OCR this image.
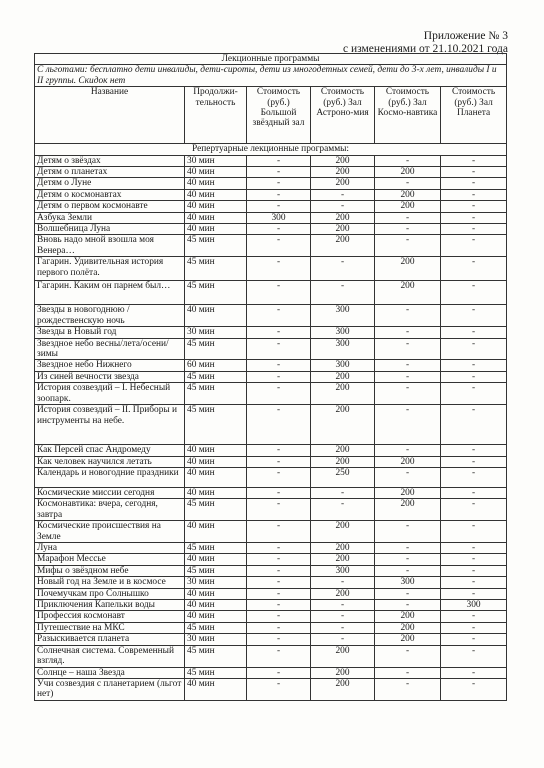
Приложение № 3
с изменениями от 21.10.2021 года
Лекционные программы					
С льготами: бесплатно дети инвалиды, дети-сироты, дети из многодетных семей, дети до 3-х лет, инвалиды I и II группы. Скидок нет					
Название	Продолжи-тельность	Стоимость (руб.) Большой звёздный зал	Стоимость (руб.) Зал Астроно-мия	Стоимость (руб.) Зал Космо-навтика	Стоимость (руб.) Зал Планета
Репертуарные лекционные программы:					
Детям о звёздах	30 мин	-	200	-	-
Детям о планетах	40 мин	-	200	200	-
Детям о Луне	40 мин	-	200	-	-
Детям о космонавтах	40 мин	-	-	200	-
Детям о первом космонавте	40 мин	-	-	200	-
Азбука Земли	40 мин	300	200	-	-
Волшебница Луна	40 мин	-	200	-	-
Вновь надо мной взошла моя Венера…	45 мин	-	200	-	-
Гагарин. Удивительная история первого полёта.	45 мин	-	-	200	-
Гагарин. Каким он парнем был…	45 мин	-	-	200	-
Звезды в новогоднюю / рождественскую ночь	40 мин	-	300	-	-
Звезды в Новый год	30 мин	-	300	-	-
Звездное небо весны/лета/осени/ зимы	45 мин	-	300	-	-
Звездное небо Нижнего	60 мин	-	300	-	-
Из синей вечности звезда	45 мин	-	200	-	-
История созвездий – I. Небесный зоопарк.	45 мин	-	200	-	-
История созвездий – II. Приборы и инструменты на небе.	45 мин	-	200	-	-
Как Персей спас Андромеду	40 мин	-	200	-	-
Как человек научился летать	40 мин	-	200	200	-
Календарь и новогодние праздники	40 мин	-	250	-	-
Космические миссии сегодня	40 мин	-	-	200	-
Космонавтика: вчера, сегодня, завтра	45 мин	-	-	200	-
Космические происшествия на Земле	40 мин	-	200	-	-
Луна	45 мин	-	200	-	-
Марафон Мессье	40 мин	-	200	-	-
Мифы о звёздном небе	45 мин	-	300	-	-
Новый год на Земле и в космосе	30 мин	-	-	300	-
Почемучкам про Солнышко	40 мин	-	200	-	-
Приключения Капельки воды	40 мин	-	-	-	300
Профессия космонавт	40 мин	-	-	200	-
Путешествие на МКС	45 мин	-	-	200	-
Разыскивается планета	30 мин	-	-	200	-
Солнечная система. Современный взгляд.	45 мин	-	200	-	-
Солнце – наша Звезда	45 мин	-	200	-	-
Учи созвездия с планетарием (льгот нет)	40 мин	-	200	-	-
